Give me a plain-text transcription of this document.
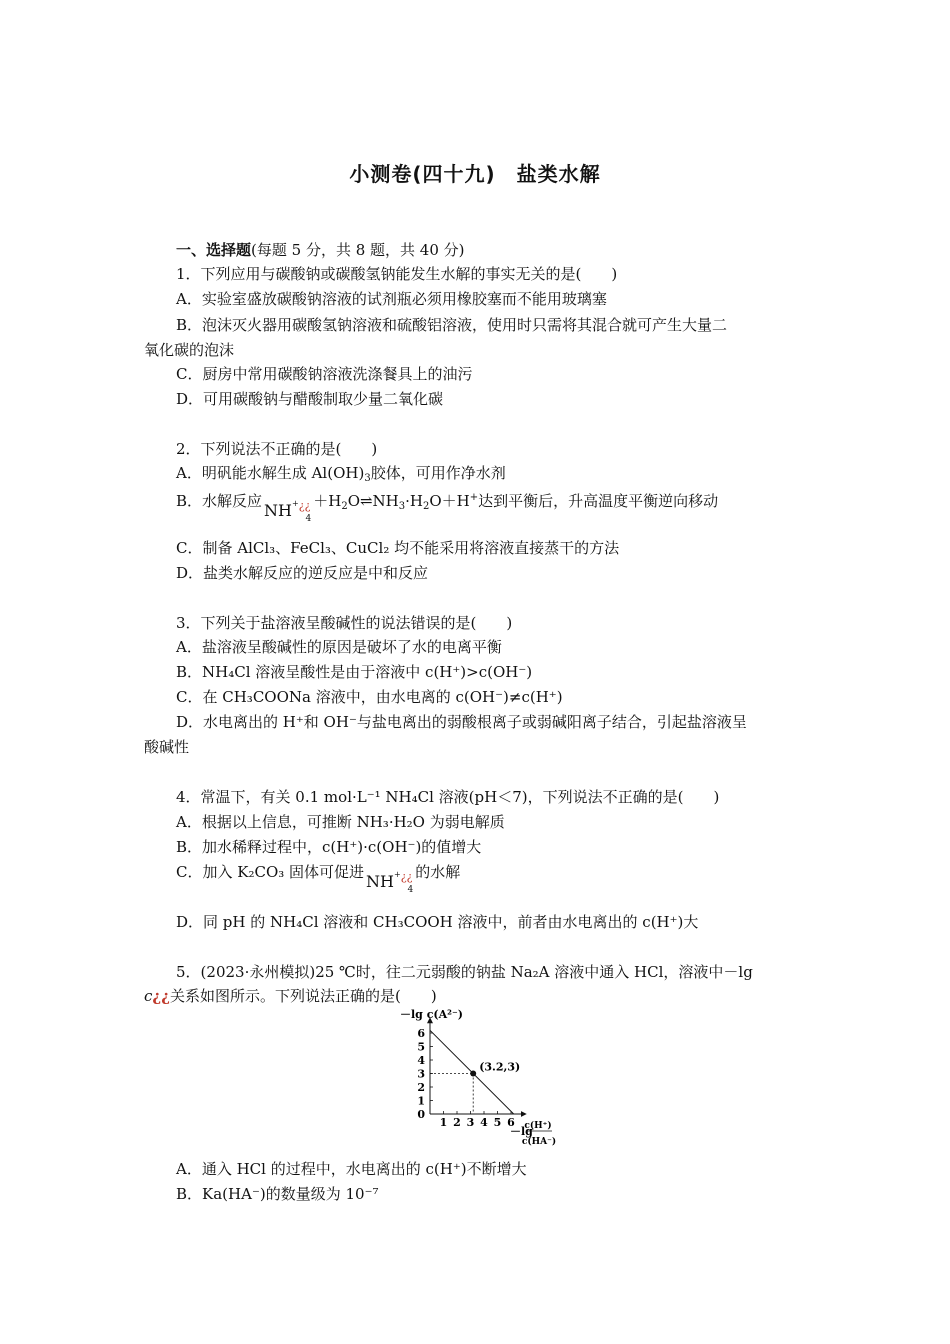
小测卷(四十九)　盐类水解
一、选择题(每题 5 分，共 8 题，共 40 分)
1．下列应用与碳酸钠或碳酸氢钠能发生水解的事实无关的是(　　)
A．实验室盛放碳酸钠溶液的试剂瓶必须用橡胶塞而不能用玻璃塞
B．泡沫灭火器用碳酸氢钠溶液和硫酸铝溶液，使用时只需将其混合就可产生大量二
氧化碳的泡沫
C．厨房中常用碳酸钠溶液洗涤餐具上的油污
D．可用碳酸钠与醋酸制取少量二氧化碳
2．下列说法不正确的是(　　)
A．明矾能水解生成 $Al(OH)_3$胶体，可用作净水剂
B．水解反应 $NH^{+¿¿}_4+H_2O\rightleftharpoons NH_3\cdot H_2O+H^+$达到平衡后，升高温度平衡逆向移动
C．制备 AlCl₃、FeCl₃、CuCl₂ 均不能采用将溶液直接蒸干的方法
D．盐类水解反应的逆反应是中和反应
3．下列关于盐溶液呈酸碱性的说法错误的是(　　)
A．盐溶液呈酸碱性的原因是破坏了水的电离平衡
B．NH₄Cl 溶液呈酸性是由于溶液中 c(H⁺)>c(OH⁻)
C．在 CH₃COONa 溶液中，由水电离的 c(OH⁻)≠c(H⁺)
D．水电离出的 H⁺和 OH⁻与盐电离出的弱酸根离子或弱碱阳离子结合，引起盐溶液呈
酸碱性
4．常温下，有关 0.1 mol·L⁻¹ NH₄Cl 溶液(pH＜7)，下列说法不正确的是(　　)
A．根据以上信息，可推断 NH₃·H₂O 为弱电解质
B．加水稀释过程中，c(H⁺)·c(OH⁻)的值增大
C．加入 K₂CO₃ 固体可促进 $NH^{+¿¿}_4$的水解
D．同 pH 的 NH₄Cl 溶液和 CH₃COOH 溶液中，前者由水电离出的 c(H⁺)大
5．(2023·永州模拟)25 ℃时，往二元弱酸的钠盐 Na₂A 溶液中通入 HCl，溶液中－lg
c¿¿关系如图所示。下列说法正确的是(　　)
－lg c(A²⁻)
－lg
c(H⁺)
c(HA⁻)
1 2 3 4 5 6
0
1
2
3
4
5
6
(3.2,3)
A．通入 HCl 的过程中，水电离出的 c(H⁺)不断增大
B．Ka(HA⁻)的数量级为 10⁻⁷
